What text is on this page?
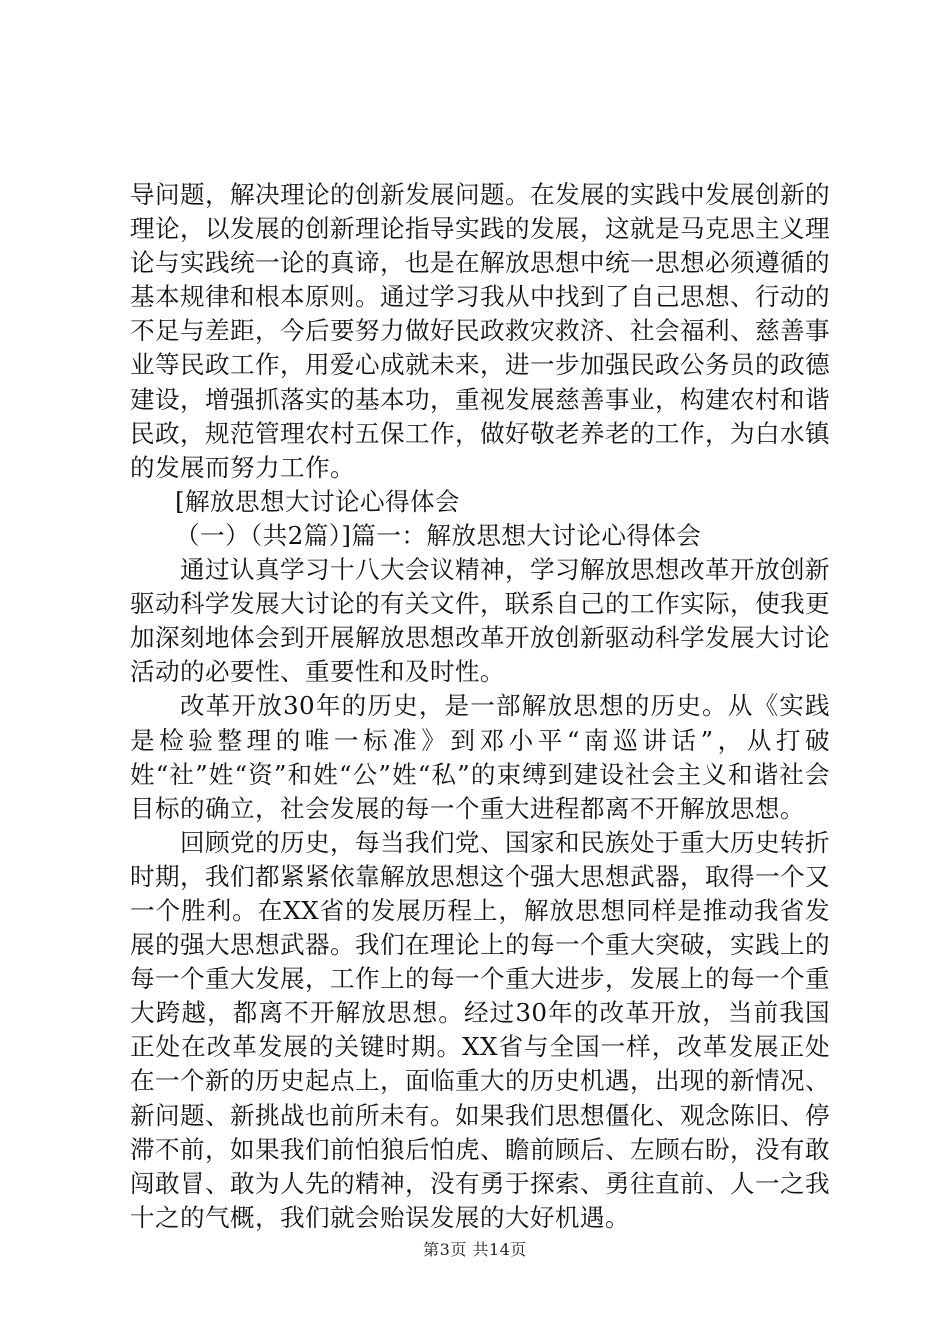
导问题，解决理论的创新发展问题。在发展的实践中发展创新的理论，以发展的创新理论指导实践的发展，这就是马克思主义理论与实践统一论的真谛，也是在解放思想中统一思想必须遵循的基本规律和根本原则。通过学习我从中找到了自己思想、行动的不足与差距，今后要努力做好民政救灾救济、社会福利、慈善事业等民政工作，用爱心成就未来，进一步加强民政公务员的政德建设，增强抓落实的基本功，重视发展慈善事业，构建农村和谐民政，规范管理农村五保工作，做好敬老养老的工作，为白水镇的发展而努力工作。

[解放思想大讨论心得体会

（一）（共2篇）]篇一：解放思想大讨论心得体会

通过认真学习十八大会议精神，学习解放思想改革开放创新驱动科学发展大讨论的有关文件，联系自己的工作实际，使我更加深刻地体会到开展解放思想改革开放创新驱动科学发展大讨论活动的必要性、重要性和及时性。

改革开放30年的历史，是一部解放思想的历史。从《实践是检验整理的唯一标准》到邓小平“南巡讲话”，从打破姓“社”姓“资”和姓“公”姓“私”的束缚到建设社会主义和谐社会目标的确立，社会发展的每一个重大进程都离不开解放思想。

回顾党的历史，每当我们党、国家和民族处于重大历史转折时期，我们都紧紧依靠解放思想这个强大思想武器，取得一个又一个胜利。在XX省的发展历程上，解放思想同样是推动我省发展的强大思想武器。我们在理论上的每一个重大突破，实践上的每一个重大发展，工作上的每一个重大进步，发展上的每一个重大跨越，都离不开解放思想。经过30年的改革开放，当前我国正处在改革发展的关键时期。XX省与全国一样，改革发展正处在一个新的历史起点上，面临重大的历史机遇，出现的新情况、新问题、新挑战也前所未有。如果我们思想僵化、观念陈旧、停滞不前，如果我们前怕狼后怕虎、瞻前顾后、左顾右盼，没有敢闯敢冒、敢为人先的精神，没有勇于探索、勇往直前、人一之我十之的气概，我们就会贻误发展的大好机遇。

第3页 共14页
